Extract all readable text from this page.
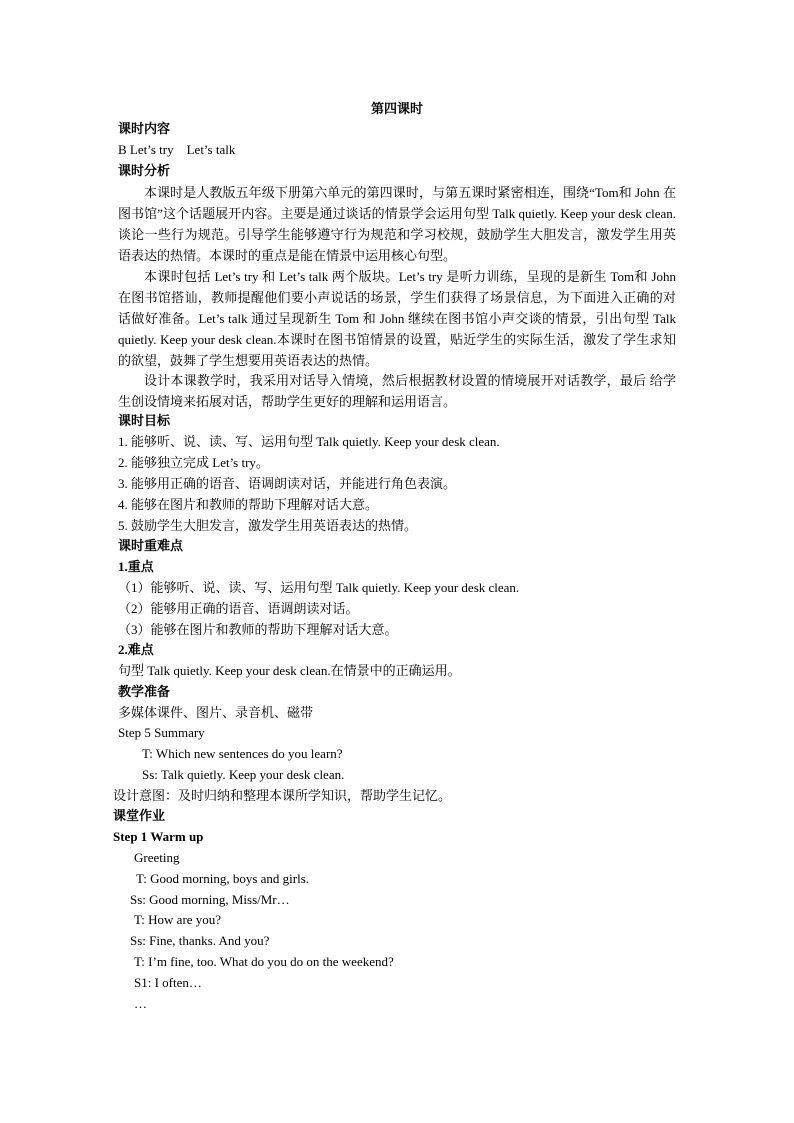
第四课时
课时内容
B Let’s try    Let’s talk
课时分析
本课时是人教版五年级下册第六单元的第四课时，与第五课时紧密相连，围绕“Tom和 John 在图书馆”这个话题展开内容。主要是通过谈话的情景学会运用句型 Talk quietly. Keep your desk clean.谈论一些行为规范。引导学生能够遵守行为规范和学习校规，鼓励学生大胆发言，激发学生用英语表达的热情。本课时的重点是能在情景中运用核心句型。
本课时包括 Let’s try 和 Let’s talk 两个版块。Let’s try 是听力训练，呈现的是新生 Tom和 John 在图书馆搭讪，教师提醒他们要小声说话的场景，学生们获得了场景信息，为下面进入正确的对话做好准备。Let’s talk 通过呈现新生 Tom 和 John 继续在图书馆小声交谈的情景，引出句型 Talk quietly. Keep your desk clean.本课时在图书馆情景的设置，贴近学生的实际生活，激发了学生求知的欲望，鼓舞了学生想要用英语表达的热情。
设计本课教学时，我采用对话导入情境，然后根据教材设置的情境展开对话教学，最后 给学生创设情境来拓展对话，帮助学生更好的理解和运用语言。
课时目标
1. 能够听、说、读、写、运用句型 Talk quietly. Keep your desk clean.
2. 能够独立完成 Let’s try。
3. 能够用正确的语音、语调朗读对话，并能进行角色表演。
4. 能够在图片和教师的帮助下理解对话大意。
5. 鼓励学生大胆发言，激发学生用英语表达的热情。
课时重难点
1.重点
（1）能够听、说、读、写、运用句型 Talk quietly. Keep your desk clean.
（2）能够用正确的语音、语调朗读对话。
（3）能够在图片和教师的帮助下理解对话大意。
2.难点
句型 Talk quietly. Keep your desk clean.在情景中的正确运用。
教学准备
多媒体课件、图片、录音机、磁带
Step 5 Summary
T: Which new sentences do you learn?
Ss: Talk quietly. Keep your desk clean.
设计意图：及时归纳和整理本课所学知识，帮助学生记忆。
课堂作业
Step 1 Warm up
Greeting
T: Good morning, boys and girls.
Ss: Good morning, Miss/Mr…
T: How are you?
Ss: Fine, thanks. And you?
T: I’m fine, too. What do you do on the weekend?
S1: I often…
…
